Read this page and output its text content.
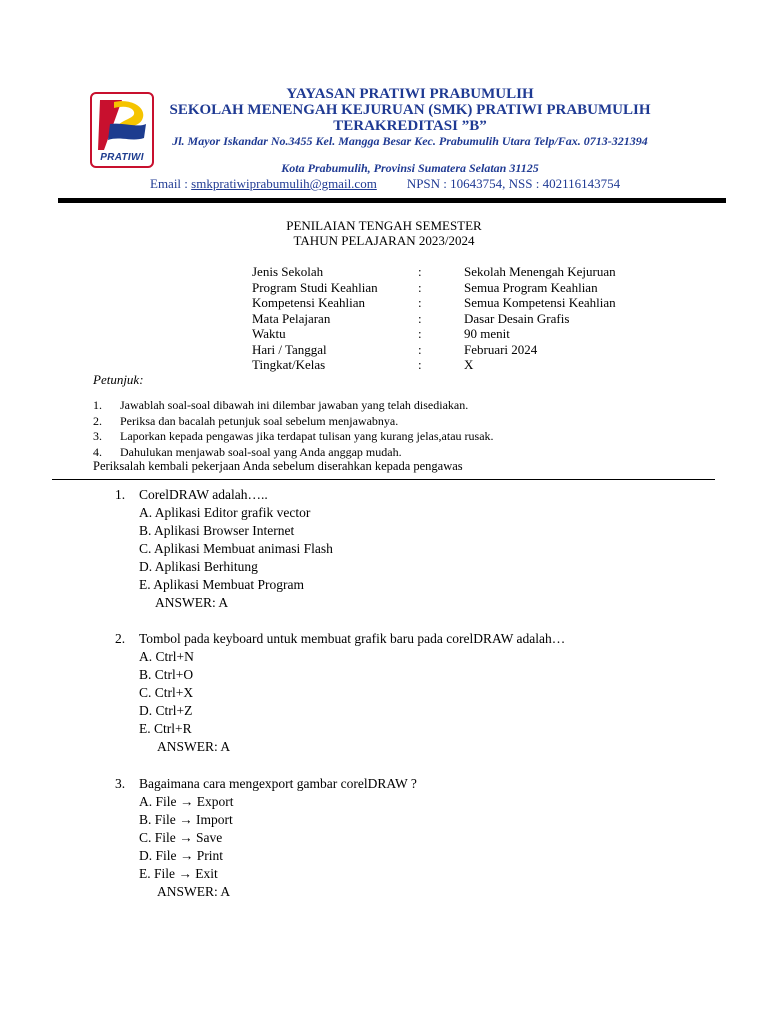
PRATIWI
YAYASAN PRATIWI PRABUMULIH
SEKOLAH MENENGAH KEJURUAN (SMK) PRATIWI PRABUMULIH
TERAKREDITASI ”B”
Jl. Mayor Iskandar No.3455 Kel. Mangga Besar Kec. Prabumulih Utara Telp/Fax. 0713-321394
Kota Prabumulih, Provinsi Sumatera Selatan 31125
Email : smkpratiwiprabumulih@gmail.com NPSN : 10643754, NSS : 402116143754
PENILAIAN TENGAH SEMESTER
TAHUN PELAJARAN 2023/2024
Jenis Sekolah	:	Sekolah Menengah Kejuruan
Program Studi Keahlian	:	Semua Program Keahlian
Kompetensi Keahlian	:	Semua Kompetensi Keahlian
Mata Pelajaran	:	Dasar Desain Grafis
Waktu	:	90 menit
Hari / Tanggal	:	Februari 2024
Tingkat/Kelas	:	X
Petunjuk:
1. Jawablah soal-soal dibawah ini dilembar jawaban yang telah disediakan.
2. Periksa dan bacalah petunjuk soal sebelum menjawabnya.
3. Laporkan kepada pengawas jika terdapat tulisan yang kurang jelas,atau rusak.
4. Dahulukan menjawab soal-soal yang Anda anggap mudah.
Periksalah kembali pekerjaan Anda sebelum diserahkan kepada pengawas
1. CorelDRAW adalah…..
A. Aplikasi Editor grafik vector
B. Aplikasi Browser Internet
C. Aplikasi Membuat animasi Flash
D. Aplikasi Berhitung
E. Aplikasi Membuat Program
ANSWER: A
2. Tombol pada keyboard untuk membuat grafik baru pada corelDRAW adalah…
A. Ctrl+N
B. Ctrl+O
C. Ctrl+X
D. Ctrl+Z
E. Ctrl+R
ANSWER: A
3. Bagaimana cara mengexport gambar corelDRAW ?
A. File → Export
B. File → Import
C. File → Save
D. File → Print
E. File → Exit
ANSWER: A
